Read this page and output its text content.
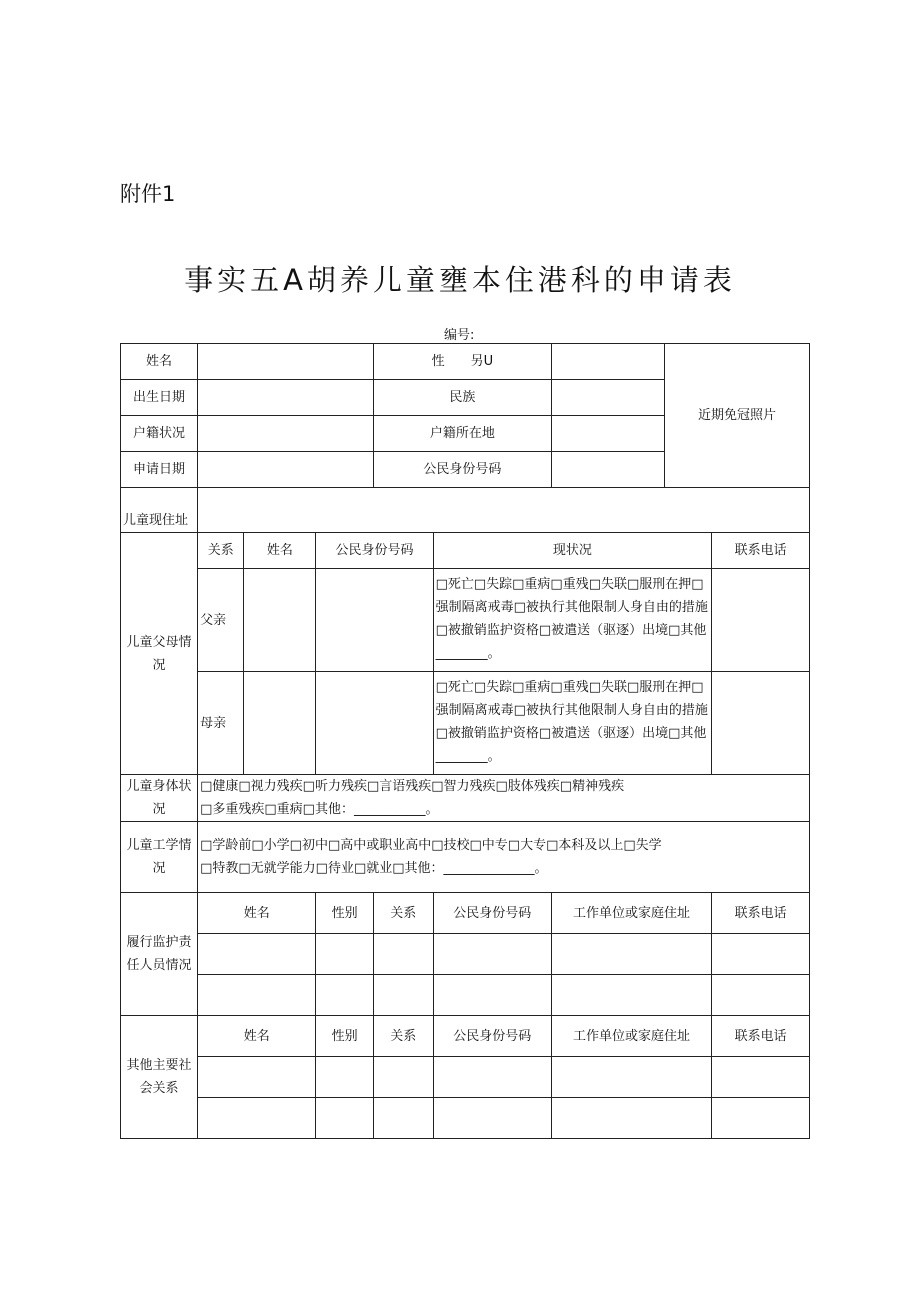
附件1
事实五A胡养儿童壅本住港科的申请表
编号:
姓名				性　　另U			近期免冠照片	
出生日期				民族				
户籍状况				户籍所在地				
申请日期				公民身份号码				
儿童现住址								
儿童父母情况	关系	姓名	公民身份号码		现状况			联系电话
	父亲				□死亡□失踪□重病□重残□失联□服刑在押□强制隔离戒毒□被执行其他限制人身自由的措施□被撤销监护资格□被遣送（驱逐）出境□其他________。			
	母亲				□死亡□失踪□重病□重残□失联□服刑在押□强制隔离戒毒□被执行其他限制人身自由的措施□被撤销监护资格□被遣送（驱逐）出境□其他________。			
儿童身体状况	□健康□视力残疾□听力残疾□言语残疾□智力残疾□肢体残疾□精神残疾
□多重残疾□重病□其他：___________。							

儿童工学情况	□学龄前□小学□初中□高中或职业高中□技校□中专□大专□本科及以上□失学
□特教□无就学能力□待业□就业□其他：______________。							

履行监护责任人员情况	姓名		性别	关系	公民身份号码	工作单位或家庭住址		联系电话

其他主要社会关系	姓名		性别	关系	公民身份号码	工作单位或家庭住址		联系电话
